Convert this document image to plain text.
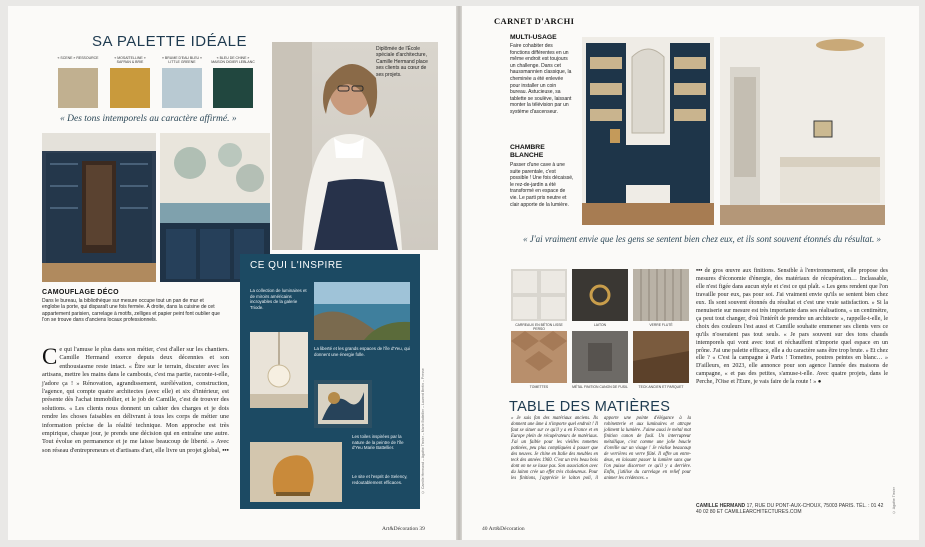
SA PALETTE IDÉALE
« SCENE » RESSOURCE	« MOSAÏTELLINE » SAFRAN & BRIE
« BRUME D'EAU BLEU » LITTLE GREENE
« BLEU DE CHINE » MAISON DIDIER LEBLANC
« Des tons intemporels au caractère affirmé. »
Diplômée de l'École spéciale d'architecture, Camille Hermand place ses clients au cœur de ses projets.
CAMOUFLAGE DÉCO
Dans le bureau, la bibliothèque sur mesure occupe tout un pan de mur et englobe la porte, qui disparaît une fois fermée. À droite, dans la cuisine de cet appartement parisien, carrelage à motifs, zelliges et papier peint font oublier que l'on se trouve dans d'anciens locaux professionnels.
Ce qui l'amuse le plus dans son métier, c'est d'aller sur les chantiers. Camille Hermand exerce depuis deux décennies et son enthousiasme reste intact. « Être sur le terrain, discuter avec les artisans, mettre les mains dans le cambouis, c'est ma partie, raconte-t-elle, j'adore ça ! » Rénovation, agrandissement, surélévation, construction, l'agence, qui compte quatre architectes (avec elle) et six d'intérieur, est présente dès l'achat immobilier, et le job de Camille, c'est de trouver des solutions. « Les clients nous donnent un cahier des charges et je dois rendre les choses faisables en délivrant à tous les corps de métier une information précise de la réalité technique. Mon approche est très empirique, chaque jour, je prends une décision qui en entraîne une autre. Tout évolue en permanence et je me laisse beaucoup de liberté. » Avec son réseau d'entrepreneurs et d'artisans d'art, elle livre un projet global, •••
CE QUI L'INSPIRE
La collection de luminaires et de miroirs américains incroyables de la galerie Triode.
La liberté et les grands espaces de l'île d'Yeu, qui donnent une énergie folle.
Les toiles inspirées par la nature de la peintre de l'île d'Yeu Marie Battellier.
Le site et l'esprit de Selency, redoutablement efficaces.	© Camille Hermand – Agathe Tissier – Marie Battellier – Laurent Bertin – Presse
Art&Décoration 39
CARNET D'ARCHI
MULTI-USAGE
Faire cohabiter des fonctions différentes en un même endroit est toujours un challenge. Dans cet haussmannien classique, la cheminée a été enlevée pour installer un coin bureau. Astucieuse, sa tablette se soulève, laissant monter la télévision par un système d'ascenseur.
CHAMBRE BLANCHE
Passer d'une cave à une suite parentale, c'est possible ! Une fois décaissé, le rez-de-jardin a été transformé en espace de vie. Le parti pris neutre et clair apporte de la lumière.
« J'ai vraiment envie que les gens se sentent bien chez eux, et ils sont souvent étonnés du résultat. »
CARREAUX EN BÉTON LISSE PERSO
LAITON	VERRE FLUTÉ
TOMETTES	MÉTAL FINITION CANON DE FUSIL	TECK ANCIEN ET PARQUET
TABLE DES MATIÈRES
« Je suis fan des matériaux anciens. Ils donnent une âme à n'importe quel endroit ! Il faut se situer sur ce qu'il y a en France et en Europe plein de récupérateurs de matériaux. J'ai un faible pour les vieilles tomettes patinées, peu plus compliquées à passer que des neuves. Je chine en Italie des meubles en teck des années 1960. C'est un très beau bois dont on ne se lasse pas. Son association avec du laiton crée un effet très chaleureux. Pour les finitions, j'apprécie le laiton poli, il apporte une pointe d'élégance à la robinetterie et aux luminaires et attrape joliment la lumière. J'aime aussi le métal mat finition canon de fusil. Un interrupteur métallique, c'est comme une jolie boucle d'oreille sur un visage ! Je réalise beaucoup de verrières en verre flûté. Il offre un entre-deux, en laissant passer la lumière sans que l'on puisse discerner ce qu'il y a derrière. Enfin, j'utilise du carrelage en relief pour animer les crédences. »
••• de gros œuvre aux finitions. Sensible à l'environnement, elle propose des mesures d'économie d'énergie, des matériaux de récupération… Inclassable, elle n'est figée dans aucun style et c'est ce qui plaît. « Les gens rendent que l'on travaille pour eux, pas pour soi. J'ai vraiment envie qu'ils se sentent bien chez eux. Ils sont souvent étonnés du résultat et c'est une vraie satisfaction. » Si la menuiserie sur mesure est très importante dans ses réalisations, « un centimètre, ça peut tout changer, d'où l'intérêt de prendre un architecte », rappelle-t-elle, le choix des couleurs l'est aussi et Camille souhaite emmener ses clients vers ce qu'ils n'oseraient pas tout seuls. « Je pars souvent sur des tons chauds intemporels qui vont avec tout et réchauffent n'importe quel espace en un prône. J'ai une palette efficace, elle a du caractère sans être trop brute. » Et chez elle ? « C'est la campagne à Paris ! Tomettes, poutres peintes en blanc… » D'ailleurs, en 2023, elle annonce pour son agence l'année des maisons de campagne, « et pas des petites, s'amuse-t-elle. Avec quatre projets, dans le Perche, l'Oise et l'Eure, je vais faire de la route ! » ●
CAMILLE HERMAND 17, RUE DU PONT-AUX-CHOUX, 75003 PARIS. TÉL. : 01 42 40 02 80 ET CAMILLEARCHITECTURES.COM	© Agathe Tissier
40 Art&Décoration
